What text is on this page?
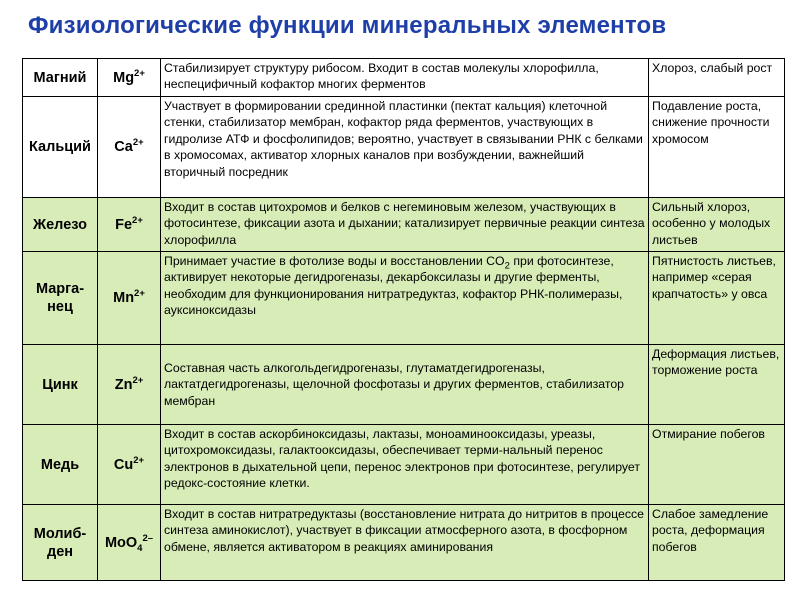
Физиологические функции минеральных элементов
Магний	$Mg^{2+}$	Стабилизирует структуру рибосом. Входит в состав молекулы хлорофилла, неспецифичный кофактор многих ферментов	Хлороз, слабый рост
Кальций	$Ca^{2+}$	Участвует в формировании срединной пластинки (пектат кальция) клеточной стенки, стабилизатор мембран, кофактор ряда ферментов, участвующих в гидролизе АТФ и фосфолипидов; вероятно, участвует в связывании РНК с белками в хромосомах, активатор хлорных каналов при возбуждении, важнейший вторичный посредник	Подавление роста, снижение прочности хромосом
Железо	$Fe^{2+}$	Входит в состав цитохромов и белков с негеминовым железом, участвующих в фотосинтезе, фиксации азота и дыхании; катализирует первичные реакции синтеза хлорофилла	Сильный хлороз, особенно у молодых листьев
Марга-нец	$Mn^{2+}$	Принимает участие в фотолизе воды и восстановлении $CO_2$ при фотосинтезе, активирует некоторые дегидрогеназы, декарбоксилазы и другие ферменты, необходим для функционирования нитратредуктаз, кофактор РНК-полимеразы, ауксиноксидазы	Пятнистость листьев, например «серая крапчатость» у овса
Цинк	$Zn^{2+}$	Составная часть алкогольдегидрогеназы, глутаматдегидрогеназы, лактатдегидрогеназы, щелочной фосфотазы и других ферментов, стабилизатор мембран	Деформация листьев, торможение роста
Медь	$Cu^{2+}$	Входит в состав аскорбиноксидазы, лактазы, моноаминооксидазы, уреазы, цитохромоксидазы, галактооксидазы, обеспечивает терми-нальный перенос электронов в дыхательной цепи, перенос электронов при фотосинтезе, регулирует редокс-состояние клетки.	Отмирание побегов
Молиб-ден	MoO$_4^{2-}$	Входит в состав нитратредуктазы (восстановление нитрата до нитритов в процессе синтеза аминокислот), участвует в фиксации атмосферного азота, в фосфорном обмене, является активатором в реакциях аминирования	Слабое замедление роста, деформация побегов
